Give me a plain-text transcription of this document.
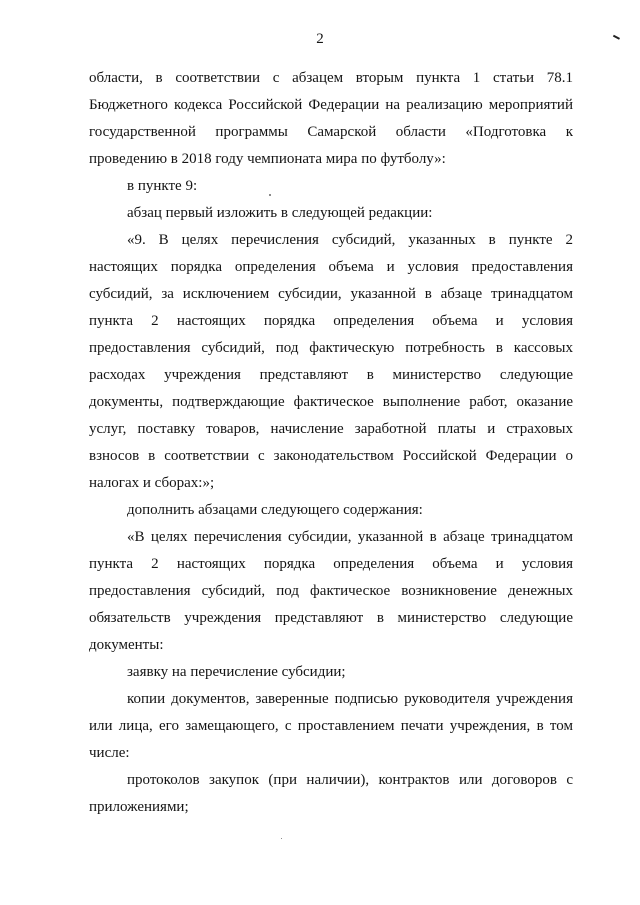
2
области, в соответствии с абзацем вторым пункта 1 статьи 78.1
Бюджетного кодекса Российской Федерации на реализацию мероприятий
государственной программы Самарской области «Подготовка к
проведению в 2018 году чемпионата мира по футболу»:
в пункте 9:
абзац первый изложить в следующей редакции:
«9. В целях перечисления субсидий, указанных в пункте 2
настоящих порядка определения объема и условия предоставления
субсидий, за исключением субсидии, указанной в абзаце тринадцатом
пункта 2 настоящих порядка определения объема и условия
предоставления субсидий, под фактическую потребность в кассовых
расходах учреждения представляют в министерство следующие
документы, подтверждающие фактическое выполнение работ, оказание
услуг, поставку товаров, начисление заработной платы и страховых
взносов в соответствии с законодательством Российской Федерации о
налогах и сборах:»;
дополнить абзацами следующего содержания:
«В целях перечисления субсидии, указанной в абзаце тринадцатом
пункта 2 настоящих порядка определения объема и условия
предоставления субсидий, под фактическое возникновение денежных
обязательств учреждения представляют в министерство следующие
документы:
заявку на перечисление субсидии;
копии документов, заверенные подписью руководителя учреждения
или лица, его замещающего, с проставлением печати учреждения, в том
числе:
протоколов закупок (при наличии), контрактов или договоров с
приложениями;
